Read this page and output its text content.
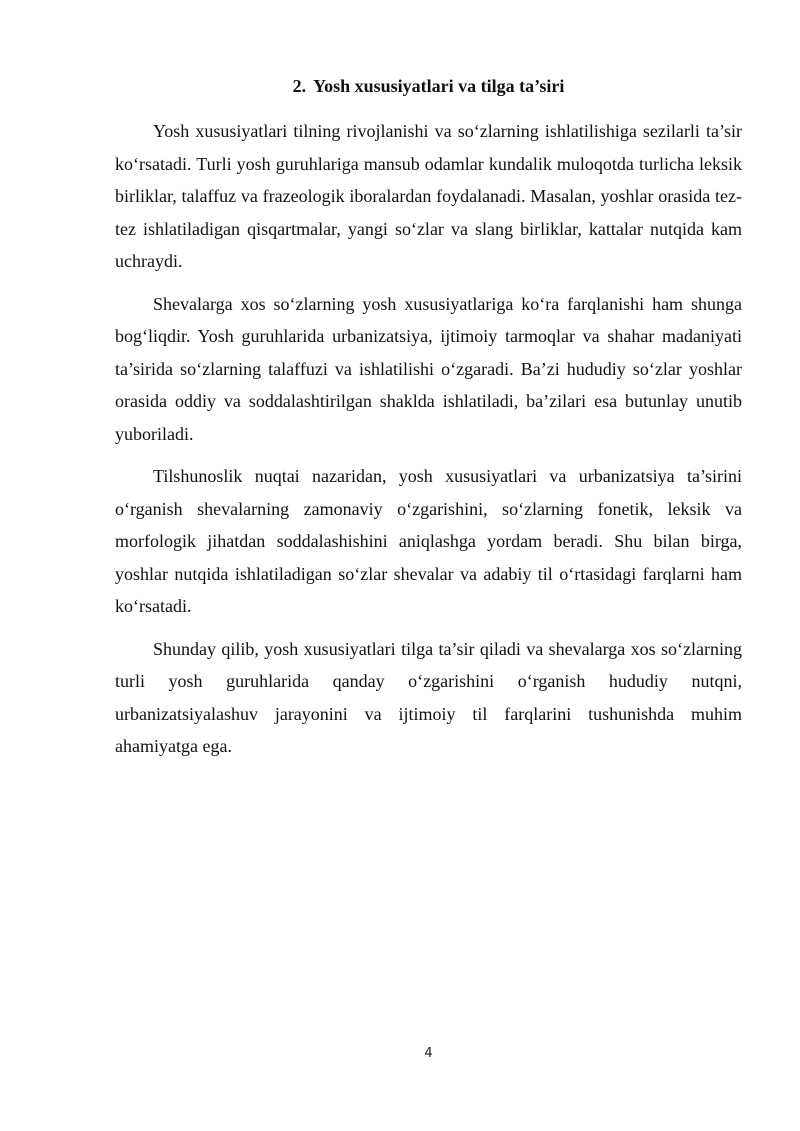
2. Yosh xususiyatlari va tilga ta’siri

Yosh xususiyatlari tilning rivojlanishi va so‘zlarning ishlatilishiga sezilarli ta’sir ko‘rsatadi. Turli yosh guruhlariga mansub odamlar kundalik muloqotda turlicha leksik birliklar, talaffuz va frazeologik iboralardan foydalanadi. Masalan, yoshlar orasida tez-tez ishlatiladigan qisqartmalar, yangi so‘zlar va slang birliklar, kattalar nutqida kam uchraydi.

Shevalarga xos so‘zlarning yosh xususiyatlariga ko‘ra farqlanishi ham shunga bog‘liqdir. Yosh guruhlarida urbanizatsiya, ijtimoiy tarmoqlar va shahar madaniyati ta’sirida so‘zlarning talaffuzi va ishlatilishi o‘zgaradi. Ba’zi hududiy so‘zlar yoshlar orasida oddiy va soddalashtirilgan shaklda ishlatiladi, ba’zilari esa butunlay unutib yuboriladi.

Tilshunoslik nuqtai nazaridan, yosh xususiyatlari va urbanizatsiya ta’sirini o‘rganish shevalarning zamonaviy o‘zgarishini, so‘zlarning fonetik, leksik va morfologik jihatdan soddalashishini aniqlashga yordam beradi. Shu bilan birga, yoshlar nutqida ishlatiladigan so‘zlar shevalar va adabiy til o‘rtasidagi farqlarni ham ko‘rsatadi.

Shunday qilib, yosh xususiyatlari tilga ta’sir qiladi va shevalarga xos so‘zlarning turli yosh guruhlarida qanday o‘zgarishini o‘rganish hududiy nutqni, urbanizatsiyalashuv jarayonini va ijtimoiy til farqlarini tushunishda muhim ahamiyatga ega.

4
